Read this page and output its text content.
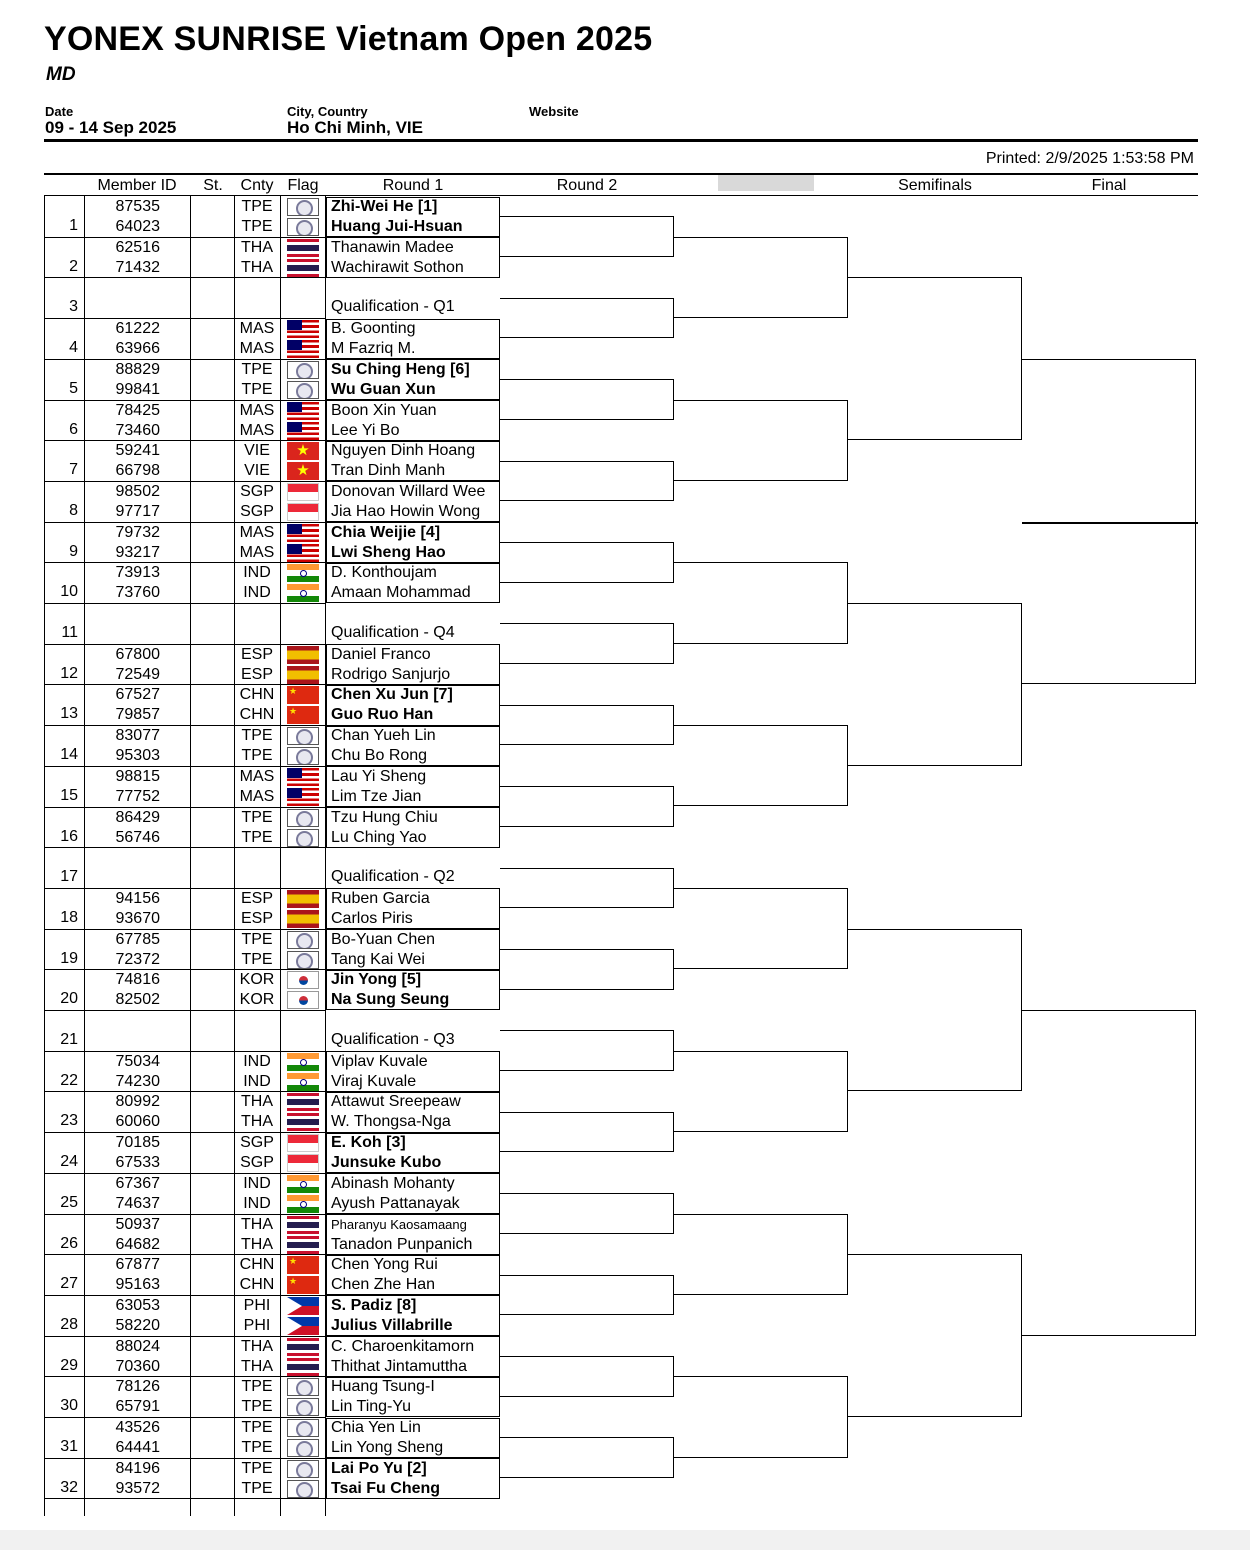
YONEX SUNRISE Vietnam Open 2025
MD
Date
09 - 14 Sep 2025
City, Country
Ho Chi Minh, VIE
Website
Printed: 2/9/2025 1:53:58 PM
Member ID	St.	Cnty Flag	Round 1	Round 2	Semifinals	Final
1
87535	TPE	Zhi-Wei He [1]
64023	TPE	Huang Jui-Hsuan
2
62516	THA	Thanawin Madee
71432	THA	Wachirawit Sothon
3	Qualification - Q1
4
61222	MAS	B. Goonting
63966	MAS	M Fazriq M.
5
88829	TPE	Su Ching Heng [6]
99841	TPE	Wu Guan Xun
6
78425	MAS	Boon Xin Yuan
73460	MAS	Lee Yi Bo
7
59241	VIE	★	Nguyen Dinh Hoang
66798	VIE	★	Tran Dinh Manh
8
98502	SGP	Donovan Willard Wee
97717	SGP	Jia Hao Howin Wong
9
79732	MAS	Chia Weijie [4]
93217	MAS	Lwi Sheng Hao
10
73913	IND	D. Konthoujam
73760	IND	Amaan Mohammad
11	Qualification - Q4
12
67800	ESP	Daniel Franco
72549	ESP	Rodrigo Sanjurjo
13
67527	CHN	★	Chen Xu Jun [7]
79857	CHN	★	Guo Ruo Han
14
83077	TPE	Chan Yueh Lin
95303	TPE	Chu Bo Rong
15
98815	MAS	Lau Yi Sheng
77752	MAS	Lim Tze Jian
16
86429	TPE	Tzu Hung Chiu
56746	TPE	Lu Ching Yao
17	Qualification - Q2
18
94156	ESP	Ruben Garcia
93670	ESP	Carlos Piris
19
67785	TPE	Bo-Yuan Chen
72372	TPE	Tang Kai Wei
20
74816	KOR	Jin Yong [5]
82502	KOR	Na Sung Seung
21	Qualification - Q3
22
75034	IND	Viplav Kuvale
74230	IND	Viraj Kuvale
23
80992	THA	Attawut Sreepeaw
60060	THA	W. Thongsa-Nga
24
70185	SGP	E. Koh [3]
67533	SGP	Junsuke Kubo
25
67367	IND	Abinash Mohanty
74637	IND	Ayush Pattanayak
26
50937	THA	Pharanyu Kaosamaang
64682	THA	Tanadon Punpanich
27
67877	CHN	★	Chen Yong Rui
95163	CHN	★	Chen Zhe Han
28
63053	PHI	S. Padiz [8]
58220	PHI	Julius Villabrille
29
88024	THA	C. Charoenkitamorn
70360	THA	Thithat Jintamuttha
30
78126	TPE	Huang Tsung-I
65791	TPE	Lin Ting-Yu
31
43526	TPE	Chia Yen Lin
64441	TPE	Lin Yong Sheng
32
84196	TPE	Lai Po Yu [2]
93572	TPE	Tsai Fu Cheng
